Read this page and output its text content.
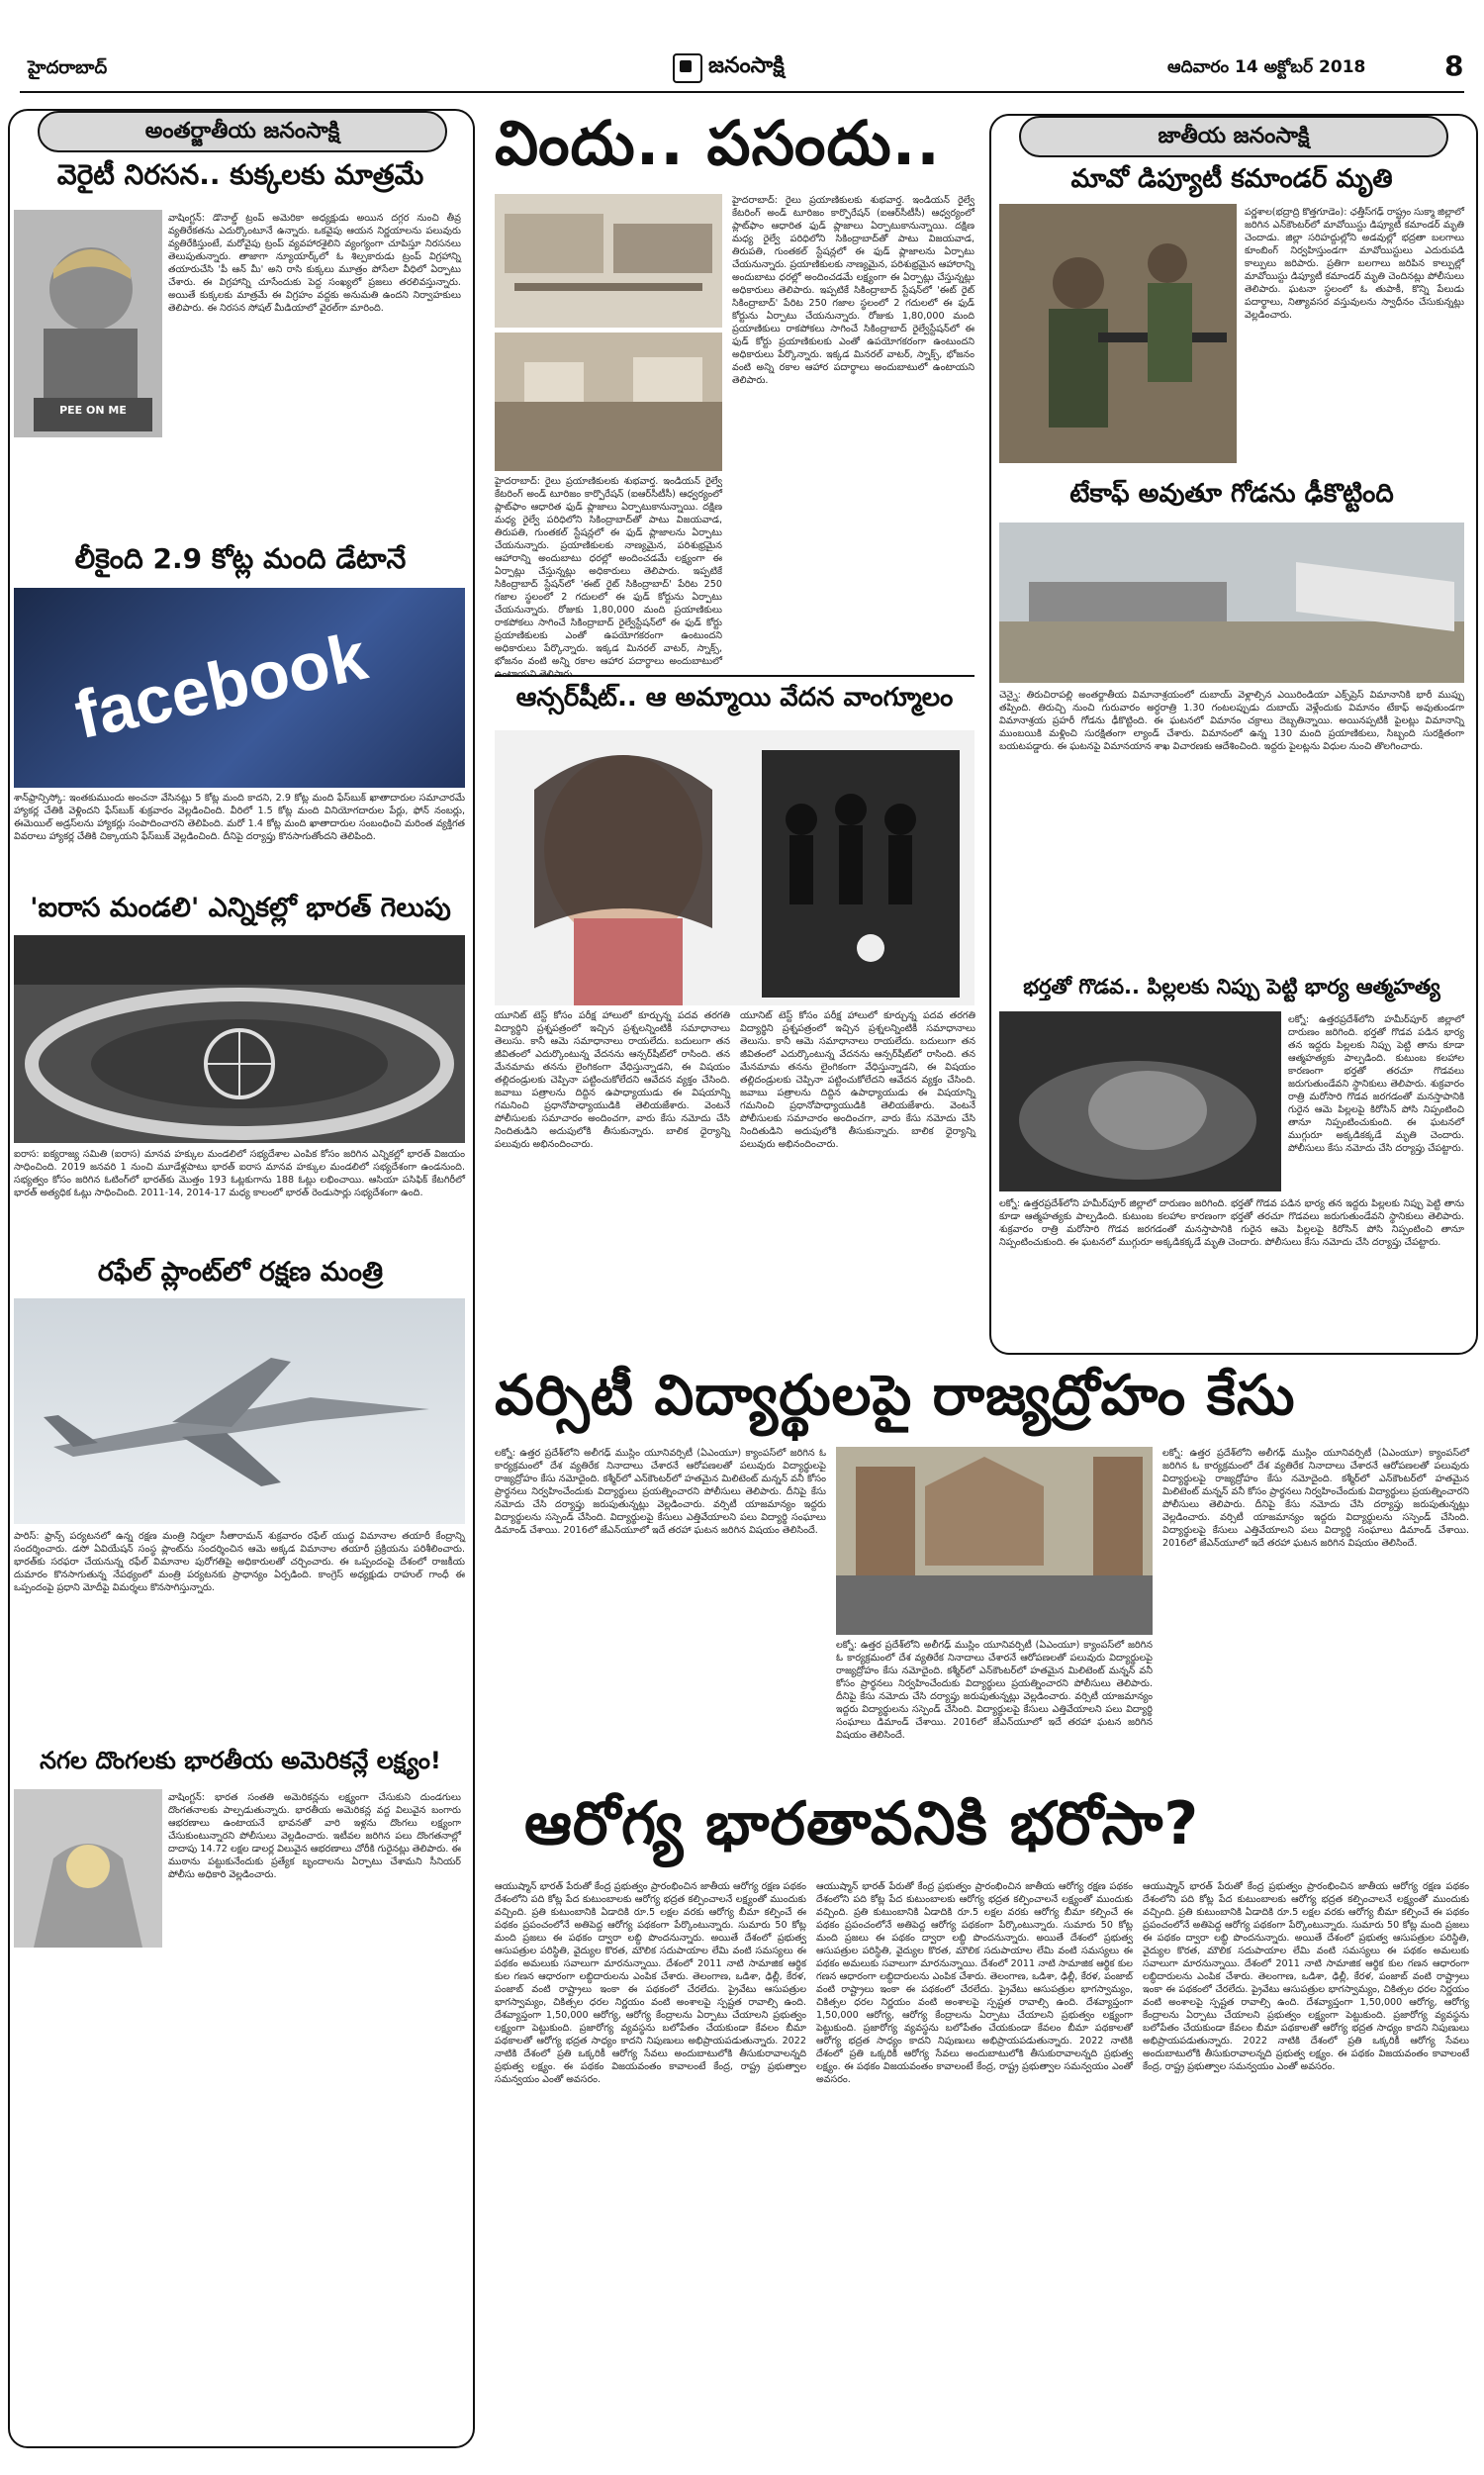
హైదరాబాద్	జనంసాక్షి	ఆదివారం 14 అక్టోబర్ 2018	8
అంతర్జాతీయ జనంసాక్షి
వెరైటీ నిరసన.. కుక్కలకు మాత్రమే
PEE ON ME
వాషింగ్టన్‌: డొనాల్డ్‌ ట్రంప్‌ అమెరికా అధ్యక్షుడు అయిన దగ్గర నుంచి తీవ్ర వ్యతిరేకతను ఎదుర్కొంటూనే ఉన్నారు. ఒకవైపు ఆయన నిర్ణయాలను పలువురు వ్యతిరేకిస్తుంటే, మరోవైపు ట్రంప్‌ వ్యవహారశైలిని వ్యంగ్యంగా చూపిస్తూ నిరసనలు తెలుపుతున్నారు. తాజాగా న్యూయార్క్‌లో ఓ శిల్పకారుడు ట్రంప్‌ విగ్రహాన్ని తయారుచేసి 'పీ ఆన్‌ మీ' అని రాసి కుక్కలు మూత్రం పోసేలా వీధిలో ఏర్పాటు చేశారు. ఈ విగ్రహాన్ని చూసేందుకు పెద్ద సంఖ్యలో ప్రజలు తరలివస్తున్నారు. అయితే కుక్కలకు మాత్రమే ఈ విగ్రహం వద్దకు అనుమతి ఉందని నిర్వాహకులు తెలిపారు. ఈ నిరసన సోషల్‌ మీడియాలో వైరల్‌గా మారింది.
లీకైంది 2.9 కోట్ల మంది డేటానే
facebook
శాన్‌ఫ్రాన్సిస్కో: ఇంతకుముందు అంచనా వేసినట్లు 5 కోట్ల మంది కాదని, 2.9 కోట్ల మంది ఫేస్‌బుక్‌ ఖాతాదారుల సమాచారమే హ్యాకర్ల చేతికి వెళ్లిందని ఫేస్‌బుక్‌ శుక్రవారం వెల్లడించింది. వీరిలో 1.5 కోట్ల మంది వినియోగదారుల పేర్లు, ఫోన్‌ నంబర్లు, ఈమెయిల్‌ అడ్రస్‌లను హ్యాకర్లు సంపాదించారని తెలిపింది. మరో 1.4 కోట్ల మంది ఖాతాదారుల సంబంధించి మరింత వ్యక్తిగత వివరాలు హ్యాకర్ల చేతికి చిక్కాయని ఫేస్‌బుక్‌ వెల్లడించింది. దీనిపై దర్యాప్తు కొనసాగుతోందని తెలిపింది.
'ఐరాస మండలి' ఎన్నికల్లో భారత్‌ గెలుపు
ఐరాస: ఐక్యరాజ్య సమితి (ఐరాస) మానవ హక్కుల మండలిలో సభ్యదేశాల ఎంపిక కోసం జరిగిన ఎన్నికల్లో భారత్‌ విజయం సాధించింది. 2019 జనవరి 1 నుంచి మూడేళ్లపాటు భారత్‌ ఐరాస మానవ హక్కుల మండలిలో సభ్యదేశంగా ఉండనుంది. సభ్యత్వం కోసం జరిగిన ఓటింగ్‌లో భారత్‌కు మొత్తం 193 ఓట్లకుగాను 188 ఓట్లు లభించాయి. ఆసియా పసిఫిక్‌ కేటగిరీలో భారత్‌ అత్యధిక ఓట్లు సాధించింది. 2011-14, 2014-17 మధ్య కాలంలో భారత్‌ రెండుసార్లు సభ్యదేశంగా ఉంది.
రఫేల్‌ ప్లాంట్‌లో రక్షణ మంత్రి
పారిస్‌: ఫ్రాన్స్‌ పర్యటనలో ఉన్న రక్షణ మంత్రి నిర్మలా సీతారామన్‌ శుక్రవారం రఫేల్‌ యుద్ధ విమానాల తయారీ కేంద్రాన్ని సందర్శించారు. డసో ఏవియేషన్‌ సంస్థ ప్లాంట్‌ను సందర్శించిన ఆమె అక్కడ విమానాల తయారీ ప్రక్రియను పరిశీలించారు. భారత్‌కు సరఫరా చేయనున్న రఫేల్‌ విమానాల పురోగతిపై అధికారులతో చర్చించారు. ఈ ఒప్పందంపై దేశంలో రాజకీయ దుమారం కొనసాగుతున్న నేపథ్యంలో మంత్రి పర్యటనకు ప్రాధాన్యం ఏర్పడింది. కాంగ్రెస్‌ అధ్యక్షుడు రాహుల్‌ గాంధీ ఈ ఒప్పందంపై ప్రధాని మోదీపై విమర్శలు కొనసాగిస్తున్నారు.
నగల దొంగలకు భారతీయ అమెరికన్లే లక్ష్యం!
వాషింగ్టన్‌: భారత సంతతి అమెరికన్లను లక్ష్యంగా చేసుకుని దుండగులు దొంగతనాలకు పాల్పడుతున్నారు. భారతీయ అమెరికన్ల వద్ద విలువైన బంగారు ఆభరణాలు ఉంటాయనే భావనతో వారి ఇళ్లను దొంగలు లక్ష్యంగా చేసుకుంటున్నారని పోలీసులు వెల్లడించారు. ఇటీవల జరిగిన పలు దొంగతనాల్లో దాదాపు 14.72 లక్షల డాలర్ల విలువైన ఆభరణాలు చోరీకి గురైనట్లు తెలిపారు. ఈ ముఠాను పట్టుకునేందుకు ప్రత్యేక బృందాలను ఏర్పాటు చేశామని సీనియర్‌ పోలీసు అధికారి వెల్లడించారు.
విందు.. పసందు..
హైదరాబాద్‌: రైలు ప్రయాణికులకు శుభవార్త. ఇండియన్‌ రైల్వే కేటరింగ్‌ అండ్‌ టూరిజం కార్పొరేషన్‌ (ఐఆర్‌సీటీసీ) ఆధ్వర్యంలో ప్లాట్‌ఫాం ఆధారిత ఫుడ్‌ ప్లాజాలు ఏర్పాటుకానున్నాయి. దక్షిణ మధ్య రైల్వే పరిధిలోని సికింద్రాబాద్‌తో పాటు విజయవాడ, తిరుపతి, గుంతకల్‌ స్టేషన్లలో ఈ ఫుడ్‌ ప్లాజాలను ఏర్పాటు చేయనున్నారు. ప్రయాణికులకు నాణ్యమైన, పరిశుభ్రమైన ఆహారాన్ని అందుబాటు ధరల్లో అందించడమే లక్ష్యంగా ఈ ఏర్పాట్లు చేస్తున్నట్లు అధికారులు తెలిపారు. ఇప్పటికే సికింద్రాబాద్‌ స్టేషన్‌లో 'ఈట్‌ రైట్‌ సికింద్రాబాద్‌' పేరిట 250 గజాల స్థలంలో 2 గదులలో ఈ ఫుడ్‌ కోర్టును ఏర్పాటు చేయనున్నారు. రోజుకు 1,80,000 మంది ప్రయాణికులు రాకపోకలు సాగించే సికింద్రాబాద్‌ రైల్వేస్టేషన్‌లో ఈ ఫుడ్‌ కోర్టు ప్రయాణికులకు ఎంతో ఉపయోగకరంగా ఉంటుందని అధికారులు పేర్కొన్నారు. ఇక్కడ మినరల్‌ వాటర్‌, స్నాక్స్‌, భోజనం వంటి అన్ని రకాల ఆహార పదార్థాలు అందుబాటులో
హైదరాబాద్‌: రైలు ప్రయాణికులకు శుభవార్త. ఇండియన్‌ రైల్వే కేటరింగ్‌ అండ్‌ టూరిజం కార్పొరేషన్‌ (ఐఆర్‌సీటీసీ) ఆధ్వర్యంలో ప్లాట్‌ఫాం ఆధారిత ఫుడ్‌ ప్లాజాలు ఏర్పాటుకానున్నాయి. దక్షిణ మధ్య రైల్వే పరిధిలోని సికింద్రాబాద్‌తో పాటు విజయవాడ, తిరుపతి, గుంతకల్‌ స్టేషన్లలో ఈ ఫుడ్‌ ప్లాజాలను ఏర్పాటు చేయనున్నారు. ప్రయాణికులకు నాణ్యమైన, పరిశుభ్రమైన ఆహారాన్ని అందుబాటు ధరల్లో అందించడమే లక్ష్యంగా ఈ ఏర్పాట్లు చేస్తున్నట్లు అధికారులు తెలిపారు. ఇప్పటికే సికింద్రాబాద్‌ స్టేషన్‌లో 'ఈట్‌ రైట్‌ సికింద్రాబాద్‌' పేరిట 250 గజాల స్థలంలో 2 గదులలో ఈ ఫుడ్‌ కోర్టును ఏర్పాటు చేయనున్నారు. రోజుకు 1,80,000 మంది ప్రయాణికులు రాకపోకలు సాగించే సికింద్రాబాద్‌ రైల్వేస్టేషన్‌లో ఈ ఫుడ్‌ కోర్టు ప్రయాణికులకు ఎంతో ఉపయోగకరంగా ఉంటుందని అధికారులు పేర్కొన్నారు. ఇక్కడ మినరల్‌ వాటర్‌, స్నాక్స్‌, భోజనం వంటి అన్ని రకాల ఆహార పదార్థాలు అందుబాటులో ఉంటాయని తెలిపారు.
ఆన్సర్‌షీట్‌.. ఆ అమ్మాయి వేదన వాంగ్మూలం
యూనిట్‌ టెస్ట్‌ కోసం పరీక్ష హాలులో కూర్చున్న పదవ తరగతి విద్యార్థిని ప్రశ్నపత్రంలో ఇచ్చిన ప్రశ్నలన్నింటికీ సమాధానాలు తెలుసు. కానీ ఆమె సమాధానాలు రాయలేదు. బదులుగా తన జీవితంలో ఎదుర్కొంటున్న వేదనను ఆన్సర్‌షీట్‌లో రాసింది. తన మేనమామ తనను లైంగికంగా వేధిస్తున్నాడని, ఈ విషయం తల్లిదండ్రులకు చెప్పినా పట్టించుకోలేదని ఆవేదన వ్యక్తం చేసింది. జవాబు పత్రాలను దిద్దిన ఉపాధ్యాయుడు ఈ విషయాన్ని గమనించి ప్రధానోపాధ్యాయుడికి తెలియజేశారు. వెంటనే పోలీసులకు సమాచారం అందించగా, వారు కేసు నమోదు చేసి నిందితుడిని అదుపులోకి తీసుకున్నారు. బాలిక ధైర్యాన్ని పలువురు అభినందించారు.
యూనిట్‌ టెస్ట్‌ కోసం పరీక్ష హాలులో కూర్చున్న పదవ తరగతి విద్యార్థిని ప్రశ్నపత్రంలో ఇచ్చిన ప్రశ్నలన్నింటికీ సమాధానాలు తెలుసు. కానీ ఆమె సమాధానాలు రాయలేదు. బదులుగా తన జీవితంలో ఎదుర్కొంటున్న వేదనను ఆన్సర్‌షీట్‌లో రాసింది. తన మేనమామ తనను లైంగికంగా వేధిస్తున్నాడని, ఈ విషయం తల్లిదండ్రులకు చెప్పినా పట్టించుకోలేదని ఆవేదన వ్యక్తం చేసింది. జవాబు పత్రాలను దిద్దిన ఉపాధ్యాయుడు ఈ విషయాన్ని గమనించి ప్రధానోపాధ్యాయుడికి తెలియజేశారు. వెంటనే పోలీసులకు సమాచారం అందించగా, వారు కేసు నమోదు చేసి నిందితుడిని అదుపులోకి తీసుకున్నారు. బాలిక ధైర్యాన్ని పలువురు అభినందించారు.
వర్సిటీ విద్యార్థులపై రాజ్యద్రోహం కేసు
లక్నో: ఉత్తర ప్రదేశ్‌లోని అలీగఢ్‌ ముస్లిం యూనివర్సిటీ (ఏఎంయూ) క్యాంపస్‌లో జరిగిన ఓ కార్యక్రమంలో దేశ వ్యతిరేక నినాదాలు చేశారనే ఆరోపణలతో పలువురు విద్యార్థులపై రాజ్యద్రోహం కేసు నమోదైంది. కశ్మీర్‌లో ఎన్‌కౌంటర్‌లో హతమైన మిలిటెంట్‌ మన్నన్‌ వనీ కోసం ప్రార్థనలు నిర్వహించేందుకు విద్యార్థులు ప్రయత్నించారని పోలీసులు తెలిపారు. దీనిపై కేసు నమోదు చేసి దర్యాప్తు జరుపుతున్నట్లు వెల్లడించారు. వర్సిటీ యాజమాన్యం ఇద్దరు విద్యార్థులను సస్పెండ్‌ చేసింది. విద్యార్థులపై కేసులు ఎత్తివేయాలని పలు విద్యార్థి సంఘాలు డిమాండ్‌ చేశాయి. 2016లో జేఎన్‌యూలో ఇదే తరహా ఘటన జరిగిన విషయం తెలిసిందే.
లక్నో: ఉత్తర ప్రదేశ్‌లోని అలీగఢ్‌ ముస్లిం యూనివర్సిటీ (ఏఎంయూ) క్యాంపస్‌లో జరిగిన ఓ కార్యక్రమంలో దేశ వ్యతిరేక నినాదాలు చేశారనే ఆరోపణలతో పలువురు విద్యార్థులపై రాజ్యద్రోహం కేసు నమోదైంది. కశ్మీర్‌లో ఎన్‌కౌంటర్‌లో హతమైన మిలిటెంట్‌ మన్నన్‌ వనీ కోసం ప్రార్థనలు నిర్వహించేందుకు విద్యార్థులు ప్రయత్నించారని పోలీసులు తెలిపారు. దీనిపై కేసు నమోదు చేసి దర్యాప్తు జరుపుతున్నట్లు వెల్లడించారు. వర్సిటీ యాజమాన్యం ఇద్దరు విద్యార్థులను సస్పెండ్‌ చేసింది. విద్యార్థులపై కేసులు ఎత్తివేయాలని పలు విద్యార్థి సంఘాలు డిమాండ్‌ చేశాయి. 2016లో జేఎన్‌యూలో ఇదే తరహా ఘటన జరిగిన విషయం తెలిసిందే.
లక్నో: ఉత్తర ప్రదేశ్‌లోని అలీగఢ్‌ ముస్లిం యూనివర్సిటీ (ఏఎంయూ) క్యాంపస్‌లో జరిగిన ఓ కార్యక్రమంలో దేశ వ్యతిరేక నినాదాలు చేశారనే ఆరోపణలతో పలువురు విద్యార్థులపై రాజ్యద్రోహం కేసు నమోదైంది. కశ్మీర్‌లో ఎన్‌కౌంటర్‌లో హతమైన మిలిటెంట్‌ మన్నన్‌ వనీ కోసం ప్రార్థనలు నిర్వహించేందుకు విద్యార్థులు ప్రయత్నించారని పోలీసులు తెలిపారు. దీనిపై కేసు నమోదు చేసి దర్యాప్తు జరుపుతున్నట్లు వెల్లడించారు. వర్సిటీ యాజమాన్యం ఇద్దరు విద్యార్థులను సస్పెండ్‌ చేసింది. విద్యార్థులపై కేసులు ఎత్తివేయాలని పలు విద్యార్థి సంఘాలు డిమాండ్‌ చేశాయి. 2016లో జేఎన్‌యూలో ఇదే తరహా ఘటన జరిగిన విషయం తెలిసిందే.
ఆరోగ్య భారతావనికి భరోసా?
ఆయుష్మాన్‌ భారత్‌ పేరుతో కేంద్ర ప్రభుత్వం ప్రారంభించిన జాతీయ ఆరోగ్య రక్షణ పథకం దేశంలోని పది కోట్ల పేద కుటుంబాలకు ఆరోగ్య భద్రత కల్పించాలనే లక్ష్యంతో ముందుకు వచ్చింది. ప్రతి కుటుంబానికి ఏడాదికి రూ.5 లక్షల వరకు ఆరోగ్య బీమా కల్పించే ఈ పథకం ప్రపంచంలోనే అతిపెద్ద ఆరోగ్య పథకంగా పేర్కొంటున్నారు. సుమారు 50 కోట్ల మంది ప్రజలు ఈ పథకం ద్వారా లబ్ధి పొందనున్నారు. అయితే దేశంలో ప్రభుత్వ ఆసుపత్రుల పరిస్థితి, వైద్యుల కొరత, మౌలిక సదుపాయాల లేమి వంటి సమస్యలు ఈ పథకం అమలుకు సవాలుగా మారనున్నాయి. దేశంలో 2011 నాటి సామాజిక ఆర్థిక కుల గణన ఆధారంగా లబ్ధిదారులను ఎంపిక చేశారు. తెలంగాణ, ఒడిశా, ఢిల్లీ, కేరళ, పంజాబ్‌ వంటి రాష్ట్రాలు ఇంకా ఈ పథకంలో చేరలేదు. ప్రైవేటు ఆసుపత్రుల భాగస్వామ్యం, చికిత్సల ధరల నిర్ణయం వంటి అంశాలపై స్పష్టత రావాల్సి ఉంది. దేశవ్యాప్తంగా 1,50,000 ఆరోగ్య, ఆరోగ్య కేంద్రాలను ఏర్పాటు చేయాలని ప్రభుత్వం లక్ష్యంగా పెట్టుకుంది. ప్రజారోగ్య వ్యవస్థను బలోపేతం చేయకుండా కేవలం బీమా పథకాలతో ఆరోగ్య భద్రత సాధ్యం కాదని నిపుణులు అభిప్రాయపడుతున్నారు. 2022 నాటికి దేశంలో ప్రతి ఒక్కరికీ ఆరోగ్య సేవలు అందుబాటులోకి తీసుకురావాలన్నది ప్రభుత్వ లక్ష్యం. ఈ పథకం విజయవంతం కావాలంటే కేంద్ర, రాష్ట్ర ప్రభుత్వాల సమన్వయం ఎంతో అవసరం.
ఆయుష్మాన్‌ భారత్‌ పేరుతో కేంద్ర ప్రభుత్వం ప్రారంభించిన జాతీయ ఆరోగ్య రక్షణ పథకం దేశంలోని పది కోట్ల పేద కుటుంబాలకు ఆరోగ్య భద్రత కల్పించాలనే లక్ష్యంతో ముందుకు వచ్చింది. ప్రతి కుటుంబానికి ఏడాదికి రూ.5 లక్షల వరకు ఆరోగ్య బీమా కల్పించే ఈ పథకం ప్రపంచంలోనే అతిపెద్ద ఆరోగ్య పథకంగా పేర్కొంటున్నారు. సుమారు 50 కోట్ల మంది ప్రజలు ఈ పథకం ద్వారా లబ్ధి పొందనున్నారు. అయితే దేశంలో ప్రభుత్వ ఆసుపత్రుల పరిస్థితి, వైద్యుల కొరత, మౌలిక సదుపాయాల లేమి వంటి సమస్యలు ఈ పథకం అమలుకు సవాలుగా మారనున్నాయి. దేశంలో 2011 నాటి సామాజిక ఆర్థిక కుల గణన ఆధారంగా లబ్ధిదారులను ఎంపిక చేశారు. తెలంగాణ, ఒడిశా, ఢిల్లీ, కేరళ, పంజాబ్‌ వంటి రాష్ట్రాలు ఇంకా ఈ పథకంలో చేరలేదు. ప్రైవేటు ఆసుపత్రుల భాగస్వామ్యం, చికిత్సల ధరల నిర్ణయం వంటి అంశాలపై స్పష్టత రావాల్సి ఉంది. దేశవ్యాప్తంగా 1,50,000 ఆరోగ్య, ఆరోగ్య కేంద్రాలను ఏర్పాటు చేయాలని ప్రభుత్వం లక్ష్యంగా పెట్టుకుంది. ప్రజారోగ్య వ్యవస్థను బలోపేతం చేయకుండా కేవలం బీమా పథకాలతో ఆరోగ్య భద్రత సాధ్యం కాదని నిపుణులు అభిప్రాయపడుతున్నారు. 2022 నాటికి దేశంలో ప్రతి ఒక్కరికీ ఆరోగ్య సేవలు అందుబాటులోకి తీసుకురావాలన్నది ప్రభుత్వ లక్ష్యం. ఈ పథకం విజయవంతం కావాలంటే కేంద్ర, రాష్ట్ర ప్రభుత్వాల సమన్వయం ఎంతో అవసరం.
ఆయుష్మాన్‌ భారత్‌ పేరుతో కేంద్ర ప్రభుత్వం ప్రారంభించిన జాతీయ ఆరోగ్య రక్షణ పథకం దేశంలోని పది కోట్ల పేద కుటుంబాలకు ఆరోగ్య భద్రత కల్పించాలనే లక్ష్యంతో ముందుకు వచ్చింది. ప్రతి కుటుంబానికి ఏడాదికి రూ.5 లక్షల వరకు ఆరోగ్య బీమా కల్పించే ఈ పథకం ప్రపంచంలోనే అతిపెద్ద ఆరోగ్య పథకంగా పేర్కొంటున్నారు. సుమారు 50 కోట్ల మంది ప్రజలు ఈ పథకం ద్వారా లబ్ధి పొందనున్నారు. అయితే దేశంలో ప్రభుత్వ ఆసుపత్రుల పరిస్థితి, వైద్యుల కొరత, మౌలిక సదుపాయాల లేమి వంటి సమస్యలు ఈ పథకం అమలుకు సవాలుగా మారనున్నాయి. దేశంలో 2011 నాటి సామాజిక ఆర్థిక కుల గణన ఆధారంగా లబ్ధిదారులను ఎంపిక చేశారు. తెలంగాణ, ఒడిశా, ఢిల్లీ, కేరళ, పంజాబ్‌ వంటి రాష్ట్రాలు ఇంకా ఈ పథకంలో చేరలేదు. ప్రైవేటు ఆసుపత్రుల భాగస్వామ్యం, చికిత్సల ధరల నిర్ణయం వంటి అంశాలపై స్పష్టత రావాల్సి ఉంది. దేశవ్యాప్తంగా 1,50,000 ఆరోగ్య, ఆరోగ్య కేంద్రాలను ఏర్పాటు చేయాలని ప్రభుత్వం లక్ష్యంగా పెట్టుకుంది. ప్రజారోగ్య వ్యవస్థను బలోపేతం చేయకుండా కేవలం బీమా పథకాలతో ఆరోగ్య భద్రత సాధ్యం కాదని నిపుణులు అభిప్రాయపడుతున్నారు. 2022 నాటికి దేశంలో ప్రతి ఒక్కరికీ ఆరోగ్య సేవలు అందుబాటులోకి తీసుకురావాలన్నది ప్రభుత్వ లక్ష్యం. ఈ పథకం విజయవంతం కావాలంటే కేంద్ర, రాష్ట్ర ప్రభుత్వాల సమన్వయం ఎంతో అవసరం.
జాతీయ జనంసాక్షి
మావో డిప్యూటీ కమాండర్‌ మృతి
పర్ణశాల(భద్రాద్రి కొత్తగూడెం): ఛత్తీస్‌గఢ్‌ రాష్ట్రం సుక్మా జిల్లాలో జరిగిన ఎన్‌కౌంటర్‌లో మావోయిస్టు డిప్యూటీ కమాండర్‌ మృతి చెందాడు. జిల్లా సరిహద్దుల్లోని అడవుల్లో భద్రతా బలగాలు కూంబింగ్‌ నిర్వహిస్తుండగా మావోయిస్టులు ఎదురుపడి కాల్పులు జరిపారు. ప్రతిగా బలగాలు జరిపిన కాల్పుల్లో మావోయిస్టు డిప్యూటీ కమాండర్‌ మృతి చెందినట్లు పోలీసులు తెలిపారు. ఘటనా స్థలంలో ఓ తుపాకీ, కొన్ని పేలుడు పదార్థాలు, నిత్యావసర వస్తువులను స్వాధీనం చేసుకున్నట్లు వెల్లడించారు.
టేకాఫ్‌ అవుతూ గోడను ఢీకొట్టింది
చెన్నై: తిరుచిరాపల్లి అంతర్జాతీయ విమానాశ్రయంలో దుబాయ్‌ వెళ్లాల్సిన ఎయిరిండియా ఎక్స్‌ప్రెస్‌ విమానానికి భారీ ముప్పు తప్పింది. తిరుచ్చి నుంచి గురువారం అర్ధరాత్రి 1.30 గంటలప్పుడు దుబాయ్‌ వెళ్లేందుకు విమానం టేకాఫ్‌ అవుతుండగా విమానాశ్రయ ప్రహరీ గోడను ఢీకొట్టింది. ఈ ఘటనలో విమానం చక్రాలు దెబ్బతిన్నాయి. అయినప్పటికీ పైలట్లు విమానాన్ని ముంబయికి మళ్లించి సురక్షితంగా ల్యాండ్‌ చేశారు. విమానంలో ఉన్న 130 మంది ప్రయాణికులు, సిబ్బంది సురక్షితంగా బయటపడ్డారు. ఈ ఘటనపై విమానయాన శాఖ విచారణకు ఆదేశించింది. ఇద్దరు పైలట్లను విధుల నుంచి తొలగించారు.
భర్తతో గొడవ.. పిల్లలకు నిప్పు పెట్టి భార్య ఆత్మహత్య
లక్నో: ఉత్తరప్రదేశ్‌లోని హమీర్‌పూర్‌ జిల్లాలో దారుణం జరిగింది. భర్తతో గొడవ పడిన భార్య తన ఇద్దరు పిల్లలకు నిప్పు పెట్టి తాను కూడా ఆత్మహత్యకు పాల్పడింది. కుటుంబ కలహాల కారణంగా భర్తతో తరచూ గొడవలు జరుగుతుండేవని స్థానికులు తెలిపారు. శుక్రవారం రాత్రి మరోసారి గొడవ జరగడంతో మనస్తాపానికి గురైన ఆమె పిల్లలపై కిరోసిన్‌ పోసి నిప్పంటించి తానూ నిప్పంటించుకుంది. ఈ ఘటనలో ముగ్గురూ అక్కడికక్కడే మృతి చెందారు. పోలీసులు కేసు నమోదు చేసి దర్యాప్తు చేపట్టారు.
లక్నో: ఉత్తరప్రదేశ్‌లోని హమీర్‌పూర్‌ జిల్లాలో దారుణం జరిగింది. భర్తతో గొడవ పడిన భార్య తన ఇద్దరు పిల్లలకు నిప్పు పెట్టి తాను కూడా ఆత్మహత్యకు పాల్పడింది. కుటుంబ కలహాల కారణంగా భర్తతో తరచూ గొడవలు జరుగుతుండేవని స్థానికులు తెలిపారు. శుక్రవారం రాత్రి మరోసారి గొడవ జరగడంతో మనస్తాపానికి గురైన ఆమె పిల్లలపై కిరోసిన్‌ పోసి నిప్పంటించి తానూ నిప్పంటించుకుంది. ఈ ఘటనలో ముగ్గురూ అక్కడికక్కడే మృతి చెందారు. పోలీసులు కేసు నమోదు చేసి దర్యాప్తు చేపట్టారు.
